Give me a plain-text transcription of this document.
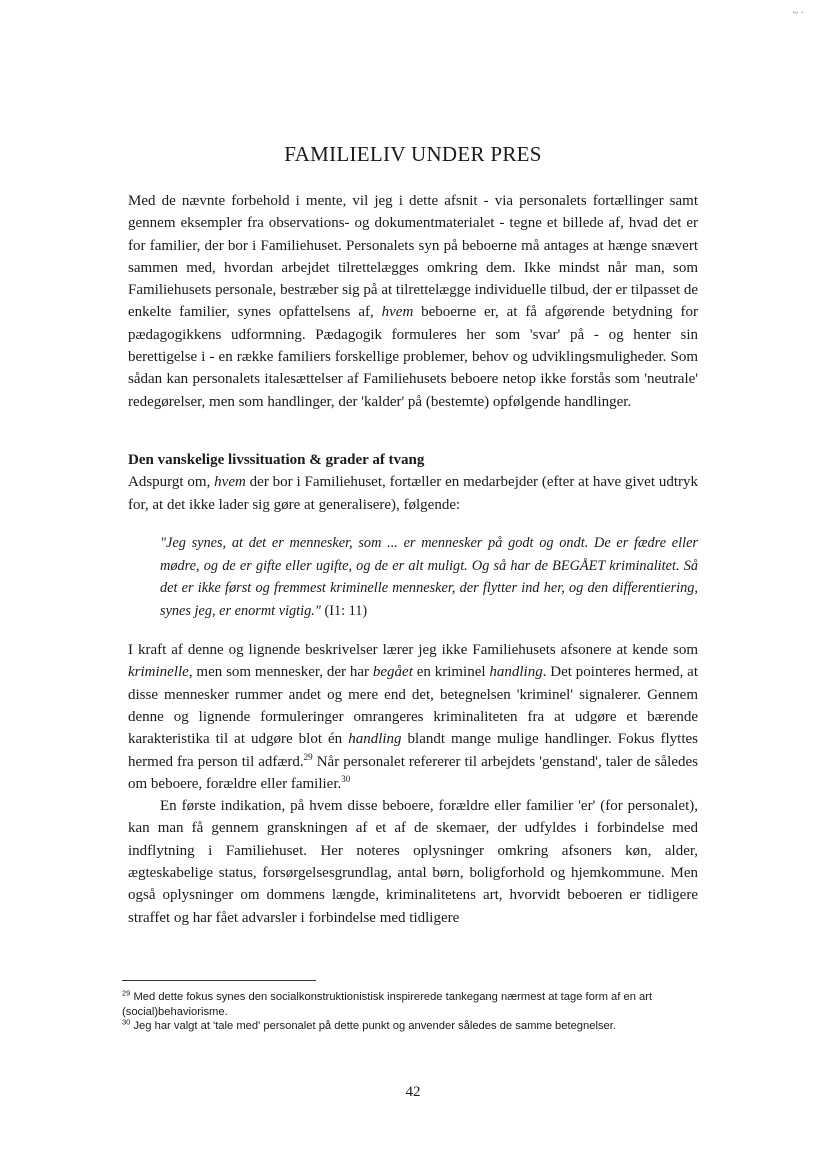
~ ·
FAMILIELIV UNDER PRES

Med de nævnte forbehold i mente, vil jeg i dette afsnit - via personalets fortællinger samt gennem eksempler fra observations- og dokumentmaterialet - tegne et billede af, hvad det er for familier, der bor i Familiehuset. Personalets syn på beboerne må antages at hænge snævert sammen med, hvordan arbejdet tilrettelægges omkring dem. Ikke mindst når man, som Familiehusets personale, bestræber sig på at tilrettelægge individuelle tilbud, der er tilpasset de enkelte familier, synes opfattelsens af, hvem beboerne er, at få afgørende betydning for pædagogikkens udformning. Pædagogik formuleres her som 'svar' på - og henter sin berettigelse i - en række familiers forskellige problemer, behov og udviklingsmuligheder. Som sådan kan personalets italesættelser af Familiehusets beboere netop ikke forstås som 'neutrale' redegørelser, men som handlinger, der 'kalder' på (bestemte) opfølgende handlinger.

Den vanskelige livssituation & grader af tvang

Adspurgt om, hvem der bor i Familiehuset, fortæller en medarbejder (efter at have givet udtryk for, at det ikke lader sig gøre at generalisere), følgende:

"Jeg synes, at det er mennesker, som ... er mennesker på godt og ondt. De er fædre eller mødre, og de er gifte eller ugifte, og de er alt muligt. Og så har de BEGÅET kriminalitet. Så det er ikke først og fremmest kriminelle mennesker, der flytter ind her, og den differentiering, synes jeg, er enormt vigtig." (I1: 11)

I kraft af denne og lignende beskrivelser lærer jeg ikke Familiehusets afsonere at kende som kriminelle, men som mennesker, der har begået en kriminel handling. Det pointeres hermed, at disse mennesker rummer andet og mere end det, betegnelsen 'kriminel' signalerer. Gennem denne og lignende formuleringer omrangeres kriminaliteten fra at udgøre et bærende karakteristika til at udgøre blot én handling blandt mange mulige handlinger. Fokus flyttes hermed fra person til adfærd.$^{29}$ Når personalet refererer til arbejdets 'genstand', taler de således om beboere, forældre eller familier.$^{30}$

En første indikation, på hvem disse beboere, forældre eller familier 'er' (for personalet), kan man få gennem granskningen af et af de skemaer, der udfyldes i forbindelse med indflytning i Familiehuset. Her noteres oplysninger omkring afsoners køn, alder, ægteskabelige status, forsørgelsesgrundlag, antal børn, boligforhold og hjemkommune. Men også oplysninger om dommens længde, kriminalitetens art, hvorvidt beboeren er tidligere straffet og har fået advarsler i forbindelse med tidligere

$^{29}$ Med dette fokus synes den socialkonstruktionistisk inspirerede tankegang nærmest at tage form af en art (social)behaviorisme.

$^{30}$ Jeg har valgt at 'tale med' personalet på dette punkt og anvender således de samme betegnelser.

42
